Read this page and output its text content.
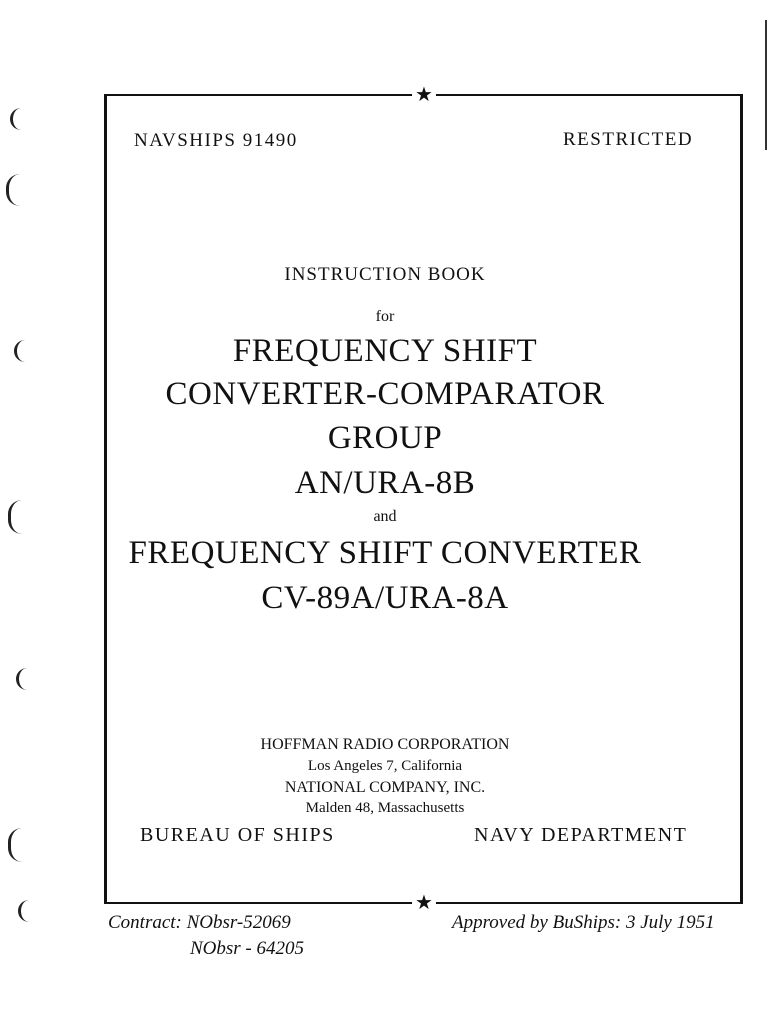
★
★
NAVSHIPS 91490	RESTRICTED
INSTRUCTION BOOK
for
FREQUENCY SHIFT
CONVERTER-COMPARATOR
GROUP
AN/URA-8B
and
FREQUENCY SHIFT CONVERTER
CV-89A/URA-8A
HOFFMAN RADIO CORPORATION
Los Angeles 7, California
NATIONAL COMPANY, INC.
Malden 48, Massachusetts
BUREAU OF SHIPS	NAVY DEPARTMENT
Contract: NObsr-52069
NObsr - 64205
Approved by BuShips: 3 July 1951
